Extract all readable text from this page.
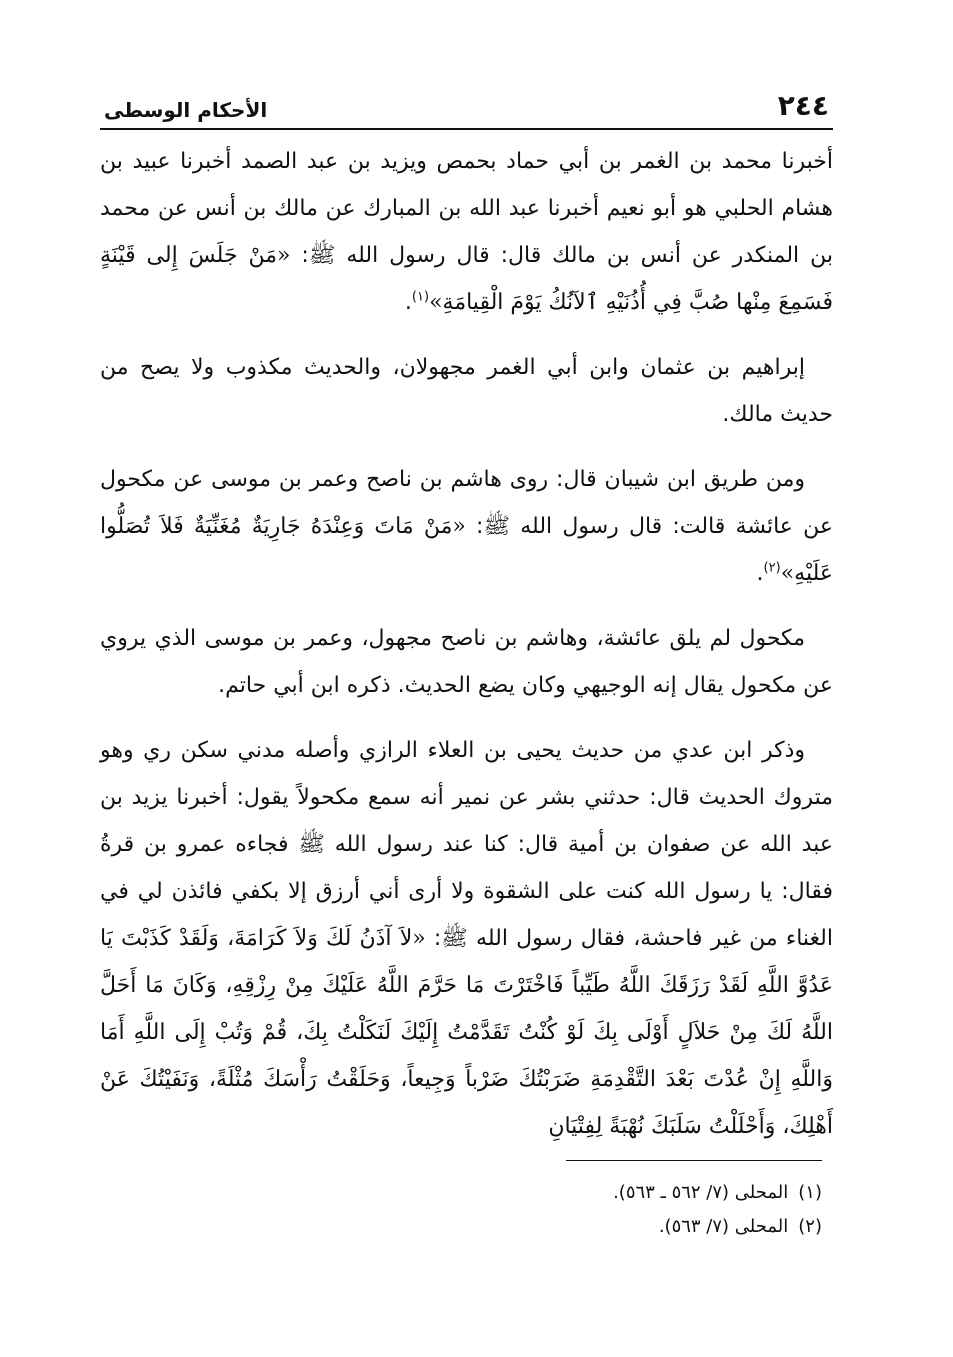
٢٤٤
الأحكام الوسطى

أخبرنا محمد بن الغمر بن أبي حماد بحمص ويزيد بن عبد الصمد أخبرنا عبيد بن هشام الحلبي هو أبو نعيم أخبرنا عبد الله بن المبارك عن مالك بن أنس عن محمد بن المنكدر عن أنس بن مالك قال: قال رسول الله ﷺ: «مَنْ جَلَسَ إِلى قَيْنَةٍ فَسَمِعَ مِنْها صُبَّ فِي أُذُنَيْهِ ٱلآنُكُ يَوْمَ الْقِيامَةِ»$^{(١)}$.

إبراهيم بن عثمان وابن أبي الغمر مجهولان، والحديث مكذوب ولا يصح من حديث مالك.

ومن طريق ابن شيبان قال: روى هاشم بن ناصح وعمر بن موسى عن مكحول عن عائشة قالت: قال رسول الله ﷺ: «مَنْ مَاتَ وَعِنْدَهُ جَارِيَةٌ مُغَنِّيَةٌ فَلاَ تُصَلُّوا عَلَيْهِ»$^{(٢)}$.

مكحول لم يلق عائشة، وهاشم بن ناصح مجهول، وعمر بن موسى الذي يروي عن مكحول يقال إنه الوجيهي وكان يضع الحديث. ذكره ابن أبي حاتم.

وذكر ابن عدي من حديث يحيى بن العلاء الرازي وأصله مدني سكن ري وهو متروك الحديث قال: حدثني بشر عن نمير أنه سمع مكحولاً يقول: أخبرنا يزيد بن عبد الله عن صفوان بن أمية قال: كنا عند رسول الله ﷺ فجاءه عمرو بن قرةُ فقال: يا رسول الله كنت على الشقوة ولا أرى أني أرزق إلا بكفي فائذن لي في الغناء من غير فاحشة، فقال رسول الله ﷺ: «لاَ آذَنُ لَكَ وَلاَ كَرَامَةَ، وَلَقَدْ كَذَبْتَ يَا عَدُوَّ اللَّهِ لَقَدْ رَزَقَكَ اللَّهُ طَيِّباً فَاخْتَرْتَ مَا حَرَّمَ اللَّهُ عَلَيْكَ مِنْ رِزْقِهِ، وَكَانَ مَا أَحَلَّ اللَّهُ لَكَ مِنْ حَلاَلٍ أَوْلَى بِكَ لَوْ كُنْتُ تَقَدَّمْتُ إِلَيْكَ لَنَكَلْتُ بِكَ، قُمْ وَتُبْ إِلَى اللَّهِ أَمَا وَاللَّهِ إِنْ عُدْتَ بَعْدَ التَّقْدِمَةِ ضَرَبْتُكَ ضَرْباً وَجِيعاً، وَحَلَقْتُ رَأْسَكَ مُثْلَةً، وَنَفَيْتُكَ عَنْ أَهْلِكَ، وَأَحْلَلْتُ سَلَبَكَ نُهْبَةً لِفِتْيَانِ

(١)المحلى (٧/ ٥٦٢ ـ ٥٦٣).
(٢)المحلى (٧/ ٥٦٣).
